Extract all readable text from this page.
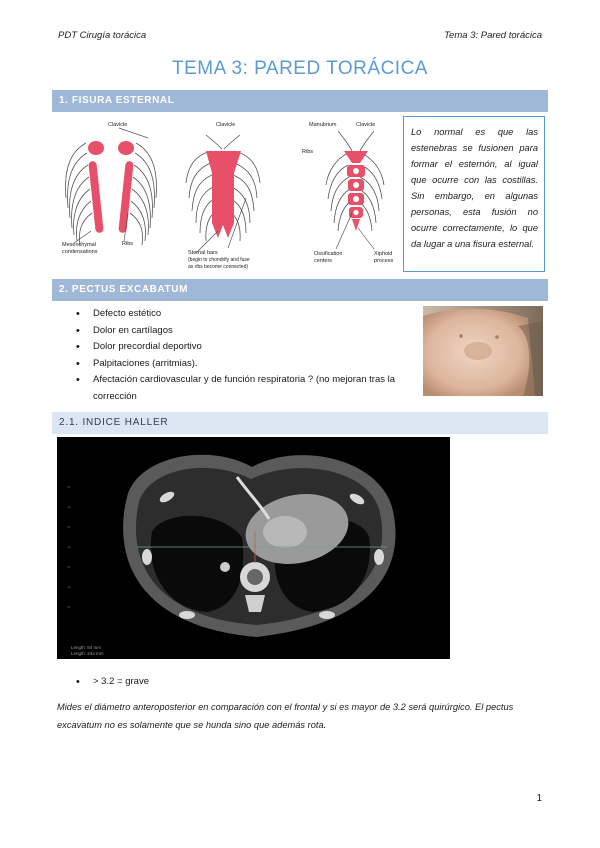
PDT Cirugía torácica	Tema 3: Pared torácica
TEMA 3: PARED TORÁCICA
1. FISURA ESTERNAL
Clavicle
Ribs
Mesenchymal
condensations
Clavicle
Sternal bars
(begin to chondrify and fuse
as ribs become connected)
Manubrium	Clavicle
Ribs
Ossification
centers
Xiphoid
process
Lo normal es que las estenebras se fusionen para formar el esternón, al igual que ocurre con las costillas. Sin embargo, en algunas personas, esta fusión no ocurre correctamente, lo que da lugar a una fisura esternal.
2. PECTUS EXCABATUM
• Defecto estético
• Dolor en cartílagos
• Dolor precordial deportivo
• Palpitaciones (arritmias).
• Afectación cardiovascular y de función respiratoria ? (no mejoran tras la corrección
2.1. INDICE HALLER
Length: 84 mm
Length: 234 mm
• > 3.2 = grave

Mides el diámetro anteroposterior en comparación con el frontal y si es mayor de 3.2 será quirúrgico. El pectus excavatum no es solamente que se hunda sino que además rota.

1
